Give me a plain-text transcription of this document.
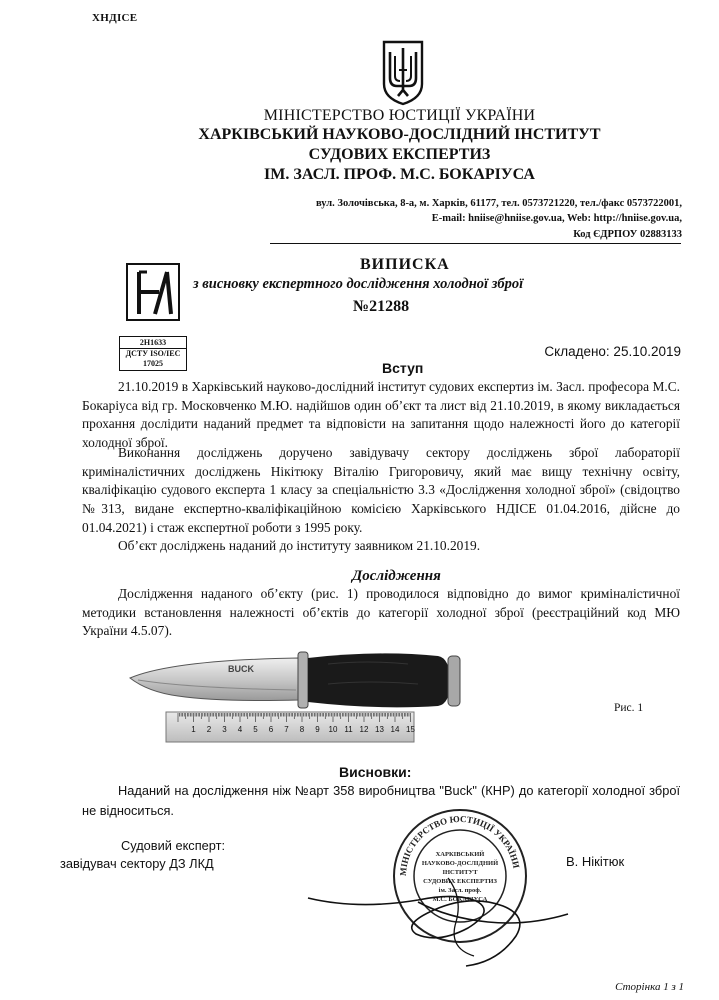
ХНДІСЕ
МІНІСТЕРСТВО ЮСТИЦІЇ УКРАЇНИ
ХАРКІВСЬКИЙ НАУКОВО-ДОСЛІДНИЙ ІНСТИТУТ
СУДОВИХ ЕКСПЕРТИЗ
ІМ. ЗАСЛ. ПРОФ. М.С. БОКАРІУСА
вул. Золочівська, 8-а, м. Харків, 61177, тел. 0573721220, тел./факс 0573722001,
E-mail: hniise@hniise.gov.ua, Web: http://hniise.gov.ua,
Код ЄДРПОУ 02883133
2Н1633
ДСТУ ISO/IEC 17025
ВИПИСКА
з висновку експертного дослідження холодної зброї
№21288
Складено: 25.10.2019
Вступ
21.10.2019 в Харківський науково-дослідний інститут судових експертиз ім. Засл. професора М.С. Бокаріуса від гр. Московченко М.Ю. надійшов один об’єкт та лист від 21.10.2019, в якому викладається прохання дослідити наданий предмет та відповісти на запитання щодо належності його до категорії холодної зброї.
Виконання досліджень доручено завідувачу сектору досліджень зброї лабораторії криміналістичних досліджень Нікітюку Віталію Григоровичу, який має вищу технічну освіту, кваліфікацію судового експерта 1 класу за спеціальністю 3.3 «Дослідження холодної зброї» (свідоцтво №313, видане експертно-кваліфікаційною комісією Харківського НДІСЕ 01.04.2016, дійсне до 01.04.2021) і стаж експертної роботи з 1995 року.
Об’єкт досліджень наданий до інституту заявником 21.10.2019.
Дослідження
Дослідження наданого об’єкту (рис. 1) проводилося відповідно до вимог криміналістичної методики встановлення належності об’єктів до категорії холодної зброї (реєстраційний код МЮ України 4.5.07).
BUCK
1 2 3 4 5 6 7 8 9 10 11 12 13 14 15
Рис. 1
Висновки:
Наданий на дослідження ніж №арт 358 виробництва "Buck" (КНР) до категорії холодної зброї не відноситься.
Судовий експерт:
завідувач сектору ДЗ ЛКД	В. Нікітюк
МІНІСТЕРСТВО ЮСТИЦІЇ УКРАЇНИ
ХАРКІВСЬКИЙ
НАУКОВО-ДОСЛІДНИЙ
ІНСТИТУТ
СУДОВИХ ЕКСПЕРТИЗ
ім. Засл. проф.
М.С. БОКАРІУСА
Сторінка 1 з 1
